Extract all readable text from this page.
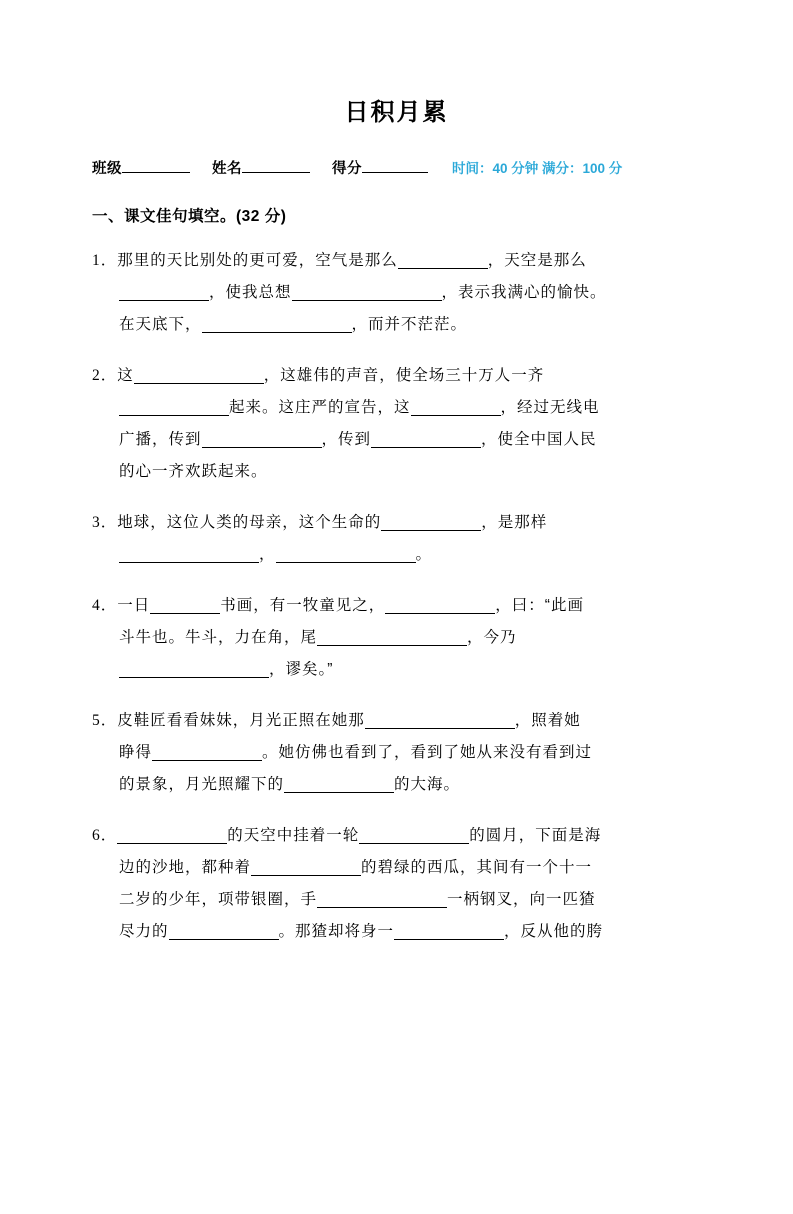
日积月累
班级	姓名	得分	时间：40 分钟 满分：100 分
一、课文佳句填空。(32 分)
1．那里的天比别处的更可爱，空气是那么	，天空是那么
，使我总想	，表示我满心的愉快。
在天底下，	，而并不茫茫。
2．这	，这雄伟的声音，使全场三十万人一齐
起来。这庄严的宣告，这	，经过无线电
广播，传到	，传到	，使全中国人民
的心一齐欢跃起来。
3．地球，这位人类的母亲，这个生命的	，是那样
，	。
4．一日	书画，有一牧童见之，	，曰：“此画
斗牛也。牛斗，力在角，尾	，今乃
，谬矣。”
5．皮鞋匠看看妹妹，月光正照在她那	，照着她
睁得	。她仿佛也看到了，看到了她从来没有看到过
的景象，月光照耀下的	的大海。
6．	的天空中挂着一轮	的圆月，下面是海
边的沙地，都种着	的碧绿的西瓜，其间有一个十一
二岁的少年，项带银圈，手	一柄钢叉，向一匹猹
尽力的	。那猹却将身一	，反从他的胯
